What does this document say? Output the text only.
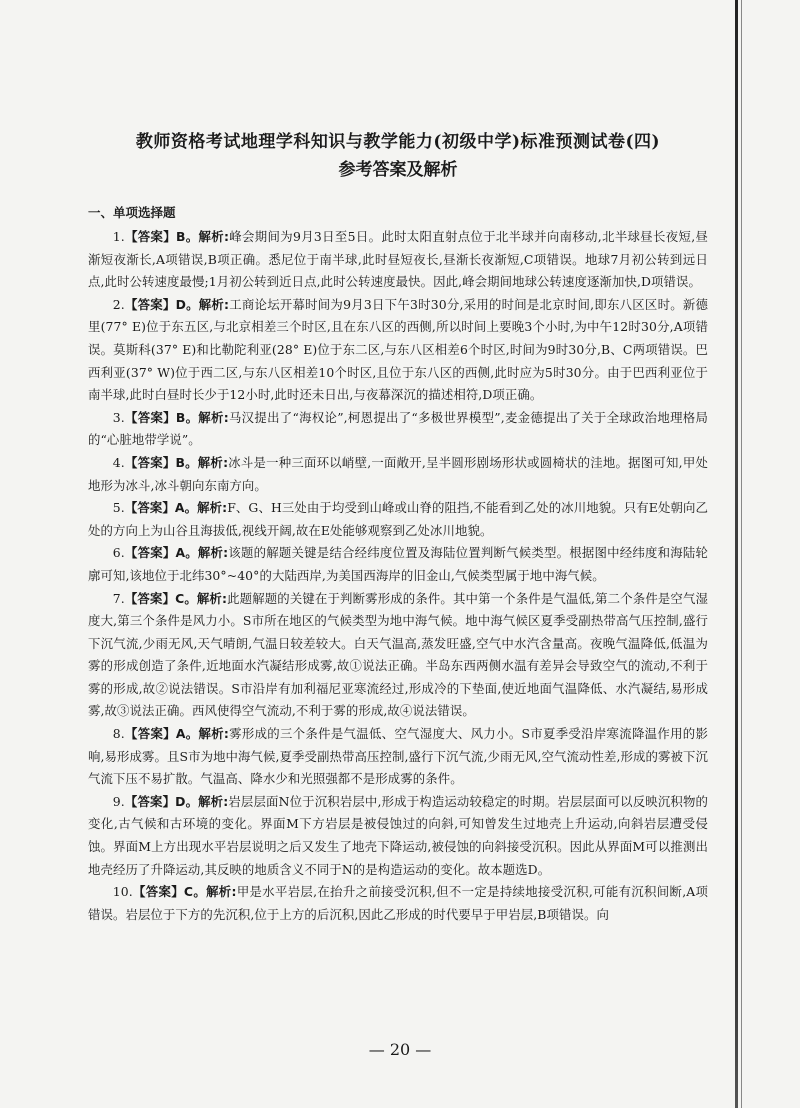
教师资格考试地理学科知识与教学能力(初级中学)标准预测试卷(四)
参考答案及解析
一、单项选择题

1.【答案】B。解析:峰会期间为9月3日至5日。此时太阳直射点位于北半球并向南移动,北半球昼长夜短,昼渐短夜渐长,A项错误,B项正确。悉尼位于南半球,此时昼短夜长,昼渐长夜渐短,C项错误。地球7月初公转到远日点,此时公转速度最慢;1月初公转到近日点,此时公转速度最快。因此,峰会期间地球公转速度逐渐加快,D项错误。

2.【答案】D。解析:工商论坛开幕时间为9月3日下午3时30分,采用的时间是北京时间,即东八区区时。新德里(77° E)位于东五区,与北京相差三个时区,且在东八区的西侧,所以时间上要晚3个小时,为中午12时30分,A项错误。莫斯科(37° E)和比勒陀利亚(28° E)位于东二区,与东八区相差6个时区,时间为9时30分,B、C两项错误。巴西利亚(37° W)位于西二区,与东八区相差10个时区,且位于东八区的西侧,此时应为5时30分。由于巴西利亚位于南半球,此时白昼时长少于12小时,此时还未日出,与夜幕深沉的描述相符,D项正确。

3.【答案】B。解析:马汉提出了“海权论”,柯恩提出了“多极世界模型”,麦金德提出了关于全球政治地理格局的“心脏地带学说”。

4.【答案】B。解析:冰斗是一种三面环以峭壁,一面敞开,呈半圆形剧场形状或圆椅状的洼地。据图可知,甲处地形为冰斗,冰斗朝向东南方向。

5.【答案】A。解析:F、G、H三处由于均受到山峰或山脊的阻挡,不能看到乙处的冰川地貌。只有E处朝向乙处的方向上为山谷且海拔低,视线开阔,故在E处能够观察到乙处冰川地貌。

6.【答案】A。解析:该题的解题关键是结合经纬度位置及海陆位置判断气候类型。根据图中经纬度和海陆轮廓可知,该地位于北纬30°~40°的大陆西岸,为美国西海岸的旧金山,气候类型属于地中海气候。

7.【答案】C。解析:此题解题的关键在于判断雾形成的条件。其中第一个条件是气温低,第二个条件是空气湿度大,第三个条件是风力小。S市所在地区的气候类型为地中海气候。地中海气候区夏季受副热带高气压控制,盛行下沉气流,少雨无风,天气晴朗,气温日较差较大。白天气温高,蒸发旺盛,空气中水汽含量高。夜晚气温降低,低温为雾的形成创造了条件,近地面水汽凝结形成雾,故①说法正确。半岛东西两侧水温有差异会导致空气的流动,不利于雾的形成,故②说法错误。S市沿岸有加利福尼亚寒流经过,形成冷的下垫面,使近地面气温降低、水汽凝结,易形成雾,故③说法正确。西风使得空气流动,不利于雾的形成,故④说法错误。

8.【答案】A。解析:雾形成的三个条件是气温低、空气湿度大、风力小。S市夏季受沿岸寒流降温作用的影响,易形成雾。且S市为地中海气候,夏季受副热带高压控制,盛行下沉气流,少雨无风,空气流动性差,形成的雾被下沉气流下压不易扩散。气温高、降水少和光照强都不是形成雾的条件。

9.【答案】D。解析:岩层层面N位于沉积岩层中,形成于构造运动较稳定的时期。岩层层面可以反映沉积物的变化,古气候和古环境的变化。界面M下方岩层是被侵蚀过的向斜,可知曾发生过地壳上升运动,向斜岩层遭受侵蚀。界面M上方出现水平岩层说明之后又发生了地壳下降运动,被侵蚀的向斜接受沉积。因此从界面M可以推测出地壳经历了升降运动,其反映的地质含义不同于N的是构造运动的变化。故本题选D。

10.【答案】C。解析:甲是水平岩层,在抬升之前接受沉积,但不一定是持续地接受沉积,可能有沉积间断,A项错误。岩层位于下方的先沉积,位于上方的后沉积,因此乙形成的时代要早于甲岩层,B项错误。向

— 20 —
